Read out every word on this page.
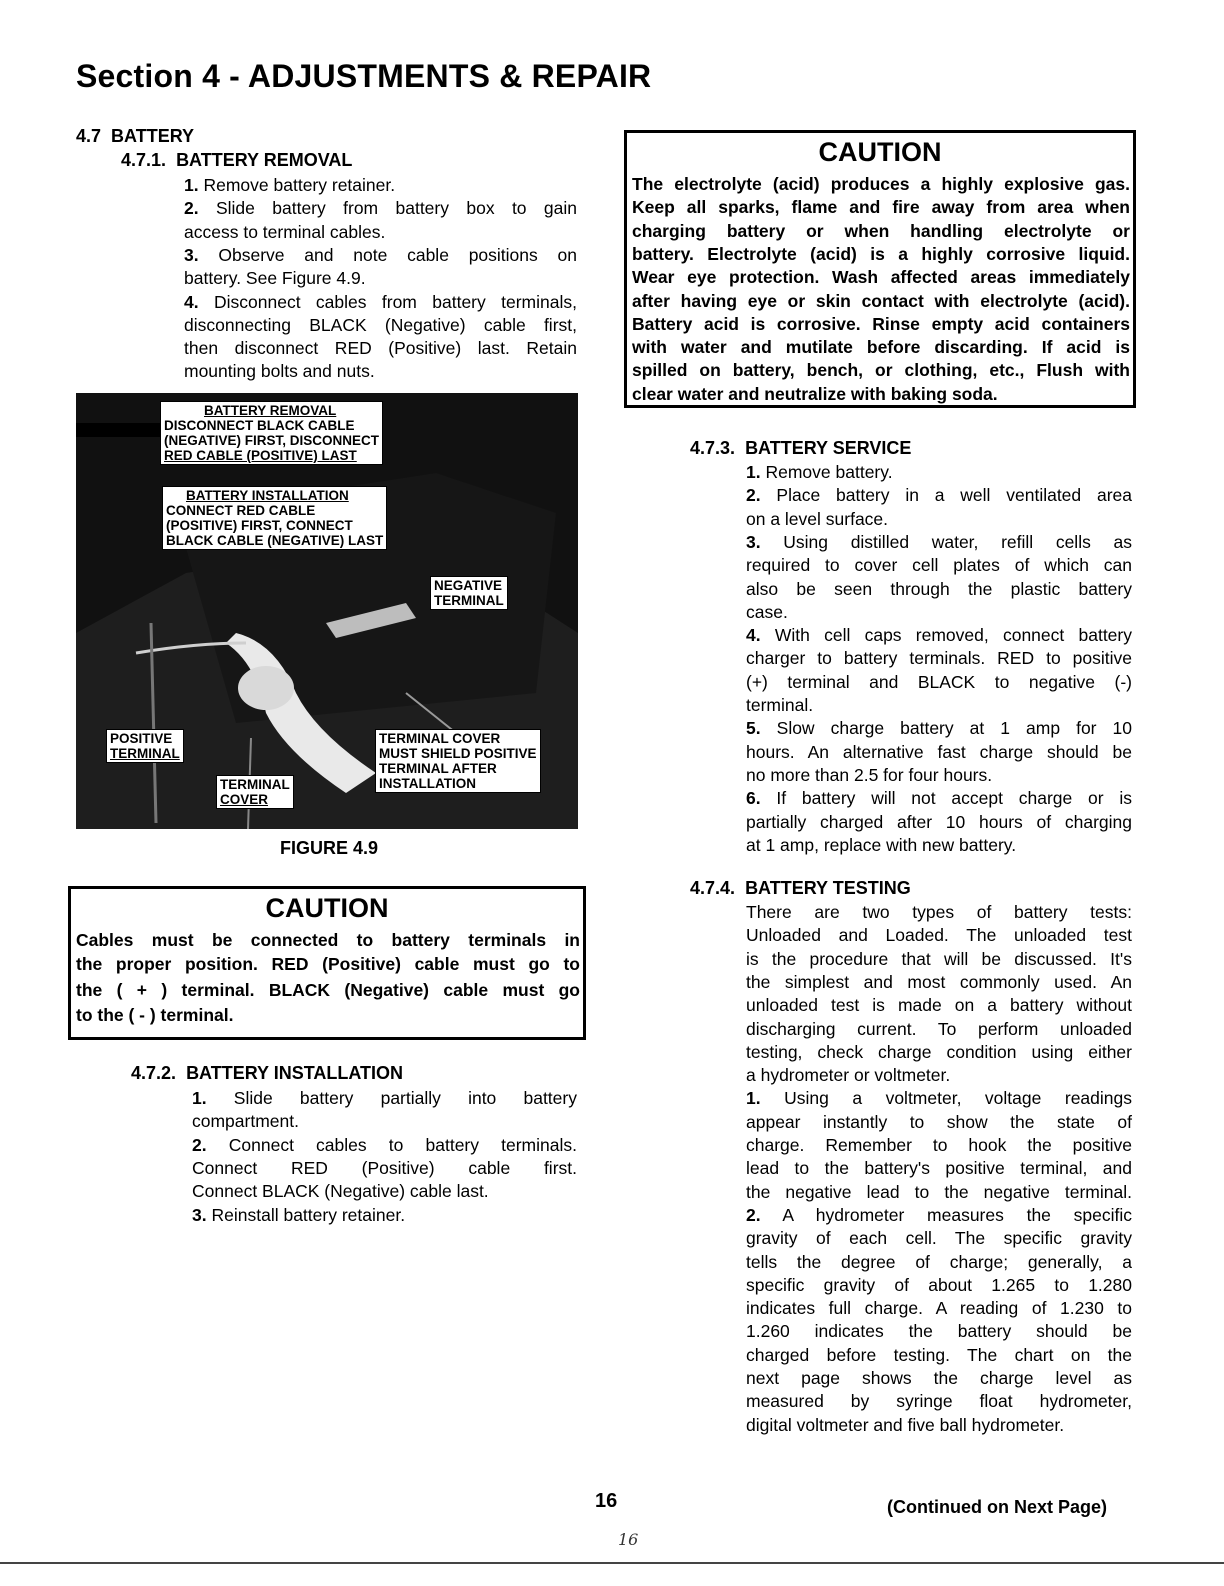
Section 4 - ADJUSTMENTS & REPAIR
4.7 BATTERY
4.7.1. BATTERY REMOVAL
1. Remove battery retainer.
2. Slide battery from battery box to gain
access to terminal cables.
3. Observe and note cable positions on
battery. See Figure 4.9.
4. Disconnect cables from battery terminals,
disconnecting BLACK (Negative) cable first,
then disconnect RED (Positive) last. Retain
mounting bolts and nuts.
BATTERY REMOVAL
DISCONNECT BLACK CABLE
(NEGATIVE) FIRST, DISCONNECT
RED CABLE (POSITIVE) LAST
BATTERY INSTALLATION
CONNECT RED CABLE
(POSITIVE) FIRST, CONNECT
BLACK CABLE (NEGATIVE) LAST
NEGATIVE
TERMINAL
POSITIVE
TERMINAL
TERMINAL
COVER
TERMINAL COVER
MUST SHIELD POSITIVE
TERMINAL AFTER
INSTALLATION
FIGURE 4.9
CAUTION
Cables must be connected to battery terminals in
the proper position. RED (Positive) cable must go to
the ( + ) terminal. BLACK (Negative) cable must go
to the ( - ) terminal.
4.7.2. BATTERY INSTALLATION
1. Slide battery partially into battery
compartment.
2. Connect cables to battery terminals.
Connect RED (Positive) cable first.
Connect BLACK (Negative) cable last.
3. Reinstall battery retainer.
CAUTION
The electrolyte (acid) produces a highly explosive gas.
Keep all sparks, flame and fire away from area when
charging battery or when handling electrolyte or
battery. Electrolyte (acid) is a highly corrosive liquid.
Wear eye protection. Wash affected areas immediately
after having eye or skin contact with electrolyte (acid).
Battery acid is corrosive. Rinse empty acid containers
with water and mutilate before discarding. If acid is
spilled on battery, bench, or clothing, etc., Flush with
clear water and neutralize with baking soda.
4.7.3. BATTERY SERVICE
1. Remove battery.
2. Place battery in a well ventilated area
on a level surface.
3. Using distilled water, refill cells as
required to cover cell plates of which can
also be seen through the plastic battery
case.
4. With cell caps removed, connect battery
charger to battery terminals. RED to positive
(+) terminal and BLACK to negative (-)
terminal.
5. Slow charge battery at 1 amp for 10
hours. An alternative fast charge should be
no more than 2.5 for four hours.
6. If battery will not accept charge or is
partially charged after 10 hours of charging
at 1 amp, replace with new battery.
4.7.4. BATTERY TESTING
There are two types of battery tests:
Unloaded and Loaded. The unloaded test
is the procedure that will be discussed. It's
the simplest and most commonly used. An
unloaded test is made on a battery without
discharging current. To perform unloaded
testing, check charge condition using either
a hydrometer or voltmeter.
1. Using a voltmeter, voltage readings
appear instantly to show the state of
charge. Remember to hook the positive
lead to the battery's positive terminal, and
the negative lead to the negative terminal.
2. A hydrometer measures the specific
gravity of each cell. The specific gravity
tells the degree of charge; generally, a
specific gravity of about 1.265 to 1.280
indicates full charge. A reading of 1.230 to
1.260 indicates the battery should be
charged before testing. The chart on the
next page shows the charge level as
measured by syringe float hydrometer,
digital voltmeter and five ball hydrometer.
16	(Continued on Next Page)
16
